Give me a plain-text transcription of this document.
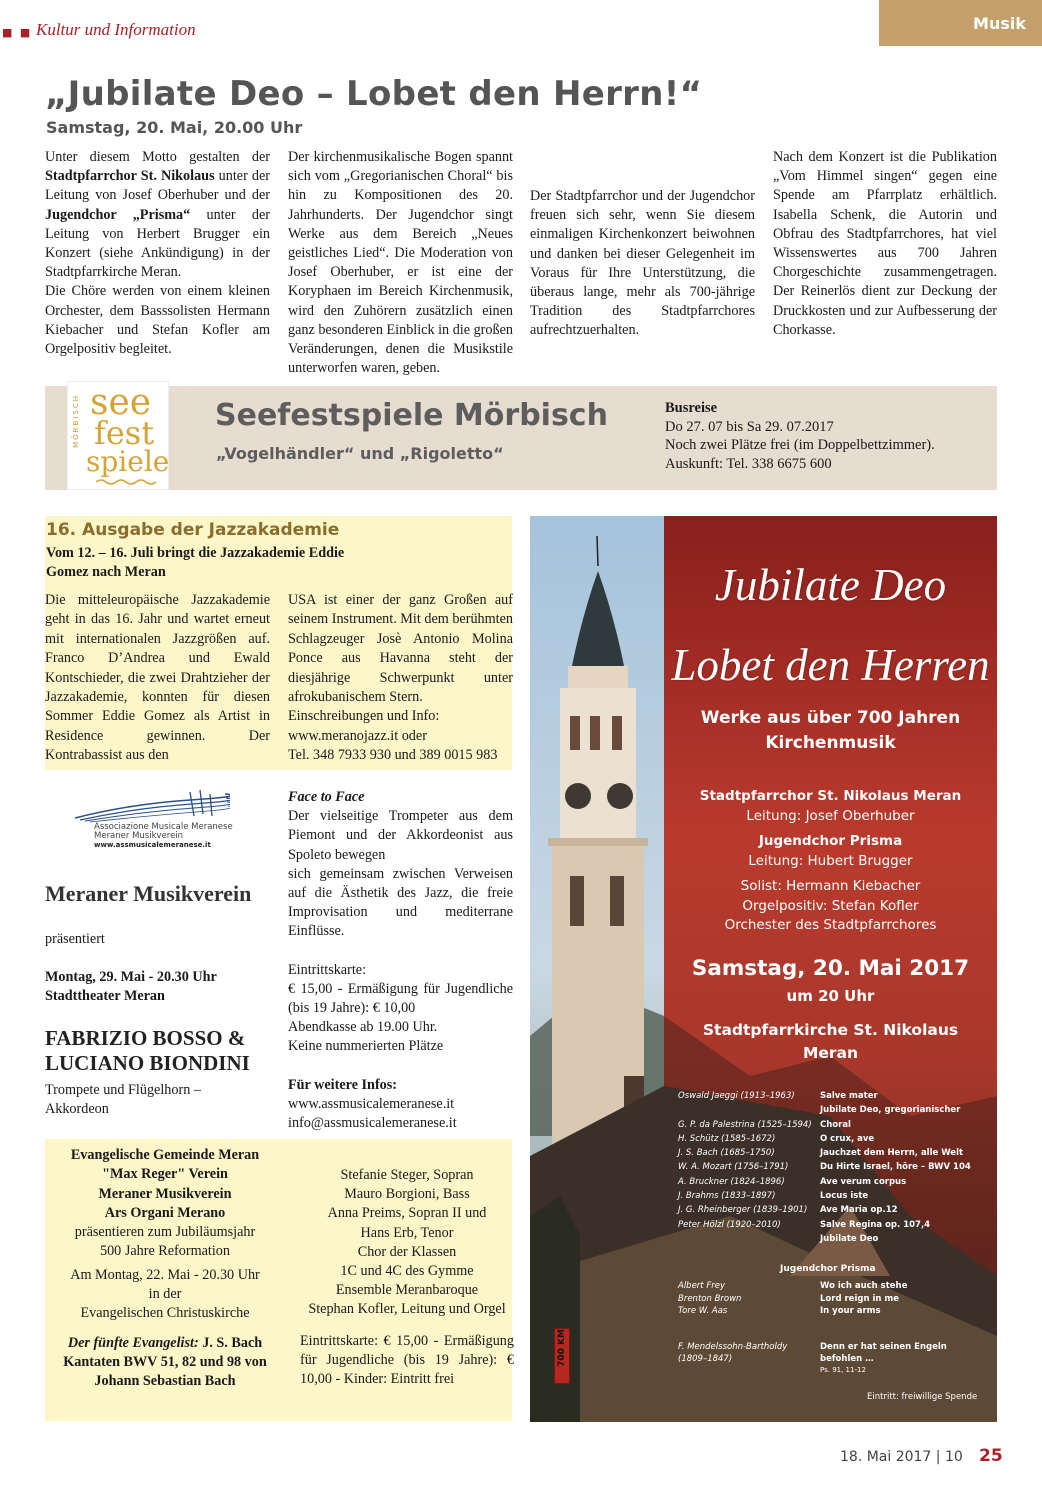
■ ■ Kultur und Information	Musik
„Jubilate Deo – Lobet den Herrn!“
Samstag, 20. Mai, 20.00 Uhr
Unter diesem Motto gestalten der Stadtpfarrchor St. Nikolaus unter der Leitung von Josef Oberhuber und der Jugendchor „Prisma“ unter der Leitung von Herbert Brugger ein Konzert (siehe Ankündigung) in der Stadtpfarrkirche Meran.
Die Chöre werden von einem kleinen Orchester, dem Basssolisten Hermann Kiebacher und Stefan Kofler am Orgelpositiv begleitet.
Der kirchenmusikalische Bogen spannt sich vom „Gregorianischen Choral“ bis hin zu Kompositionen des 20. Jahrhunderts. Der Jugendchor singt Werke aus dem Bereich „Neues geistliches Lied“. Die Moderation von Josef Oberhuber, er ist eine der Koryphaen im Bereich Kirchenmusik, wird den Zuhörern zusätzlich einen ganz besonderen Einblick in die großen Veränderungen, denen die Musikstile unterworfen waren, geben.
Der Stadtpfarrchor und der Jugendchor freuen sich sehr, wenn Sie diesem einmaligen Kirchenkonzert beiwohnen und danken bei dieser Gelegenheit im Voraus für Ihre Unterstützung, die überaus lange, mehr als 700-jährige Tradition des Stadtpfarrchores aufrechtzuerhalten.
Nach dem Konzert ist die Publikation „Vom Himmel singen“ gegen eine Spende am Pfarrplatz erhältlich. Isabella Schenk, die Autorin und Obfrau des Stadtpfarrchores, hat viel Wissenswertes aus 700 Jahren Chorgeschichte zusammengetragen. Der Reinerlös dient zur Deckung der Druckkosten und zur Aufbesserung der Chorkasse.
MÖRBISCH see
fest
spiele
Seefestspiele Mörbisch
„Vogelhändler“ und „Rigoletto“
Busreise
Do 27. 07 bis Sa 29. 07.2017
Noch zwei Plätze frei (im Doppelbettzimmer).
Auskunft: Tel. 338 6675 600
16. Ausgabe der Jazzakademie
Vom 12. – 16. Juli bringt die Jazzakademie Eddie Gomez nach Meran
Die mitteleuropäische Jazzakademie geht in das 16. Jahr und wartet erneut mit internationalen Jazzgrößen auf. Franco D’Andrea und Ewald Kontschieder, die zwei Drahtzieher der Jazzakademie, konnten für diesen Sommer Eddie Gomez als Artist in Residence gewinnen. Der Kontrabassist aus den
USA ist einer der ganz Großen auf seinem Instrument. Mit dem berühmten Schlagzeuger Josè Antonio Molina Ponce aus Havanna steht der diesjährige Schwerpunkt unter afrokubanischem Stern.
Einschreibungen und Info:
www.meranojazz.it oder
Tel. 348 7933 930 und 389 0015 983
Associazione Musicale Meranese
Meraner Musikverein
www.assmusicalemeranese.it
Meraner Musikverein
präsentiert
Montag, 29. Mai - 20.30 Uhr
Stadttheater Meran
FABRIZIO BOSSO &
LUCIANO BIONDINI
Trompete und Flügelhorn – Akkordeon
Face to Face
Der vielseitige Trompeter aus dem Piemont und der Akkordeonist aus Spoleto bewegen
sich gemeinsam zwischen Verweisen auf die Ästhetik des Jazz, die freie Improvisation und mediterrane Einflüsse.
Eintrittskarte:
€ 15,00 - Ermäßigung für Jugendliche (bis 19 Jahre): € 10,00
Abendkasse ab 19.00 Uhr.
Keine nummerierten Plätze
Für weitere Infos:
www.assmusicalemeranese.it
info@assmusicalemeranese.it
Evangelische Gemeinde Meran
"Max Reger" Verein
Meraner Musikverein
Ars Organi Merano
präsentieren zum Jubiläumsjahr
500 Jahre Reformation
Am Montag, 22. Mai - 20.30 Uhr
in der
Evangelischen Christuskirche
Der fünfte Evangelist: J. S. Bach Kantaten BWV 51, 82 und 98 von Johann Sebastian Bach
Stefanie Steger, Sopran
Mauro Borgioni, Bass
Anna Preims, Sopran II und
Hans Erb, Tenor
Chor der Klassen
1C und 4C des Gymme
Ensemble Meranbaroque
Stephan Kofler, Leitung und Orgel
Eintrittskarte: € 15,00 - Ermäßigung für Jugendliche (bis 19 Jahre): € 10,00 - Kinder: Eintritt frei
Jubilate Deo
Lobet den Herren
Werke aus über 700 Jahren Kirchenmusik
Stadtpfarrchor St. Nikolaus Meran
Leitung: Josef Oberhuber
Jugendchor Prisma
Leitung: Hubert Brugger
Solist: Hermann Kiebacher
Orgelpositiv: Stefan Kofler
Orchester des Stadtpfarrchores
Samstag, 20. Mai 2017
um 20 Uhr
Stadtpfarrkirche St. Nikolaus
Meran
Oswald Jaeggi (1913–1963)
G. P. da Palestrina (1525–1594)
H. Schütz (1585–1672)
J. S. Bach (1685–1750)
W. A. Mozart (1756–1791)
A. Bruckner (1824–1896)
J. Brahms (1833–1897)
J. G. Rheinberger (1839–1901)
Peter Hölzl (1920–2010)
Salve mater
Jubilate Deo, gregorianischer Choral
O crux, ave
Jauchzet dem Herrn, alle Welt
Du Hirte Israel, höre – BWV 104
Ave verum corpus
Locus iste
Ave Maria op.12
Salve Regina op. 107,4
Jubilate Deo
Jugendchor Prisma
Albert Frey
Brenton Brown
Tore W. Aas
Wo ich auch stehe
Lord reign in me
In your arms
F. Mendelssohn-Bartholdy
(1809–1847)
Denn er hat seinen Engeln befohlen …
Ps. 91, 11-12
Eintritt: freiwillige Spende
700 KM
18. Mai 2017 | 10 25
